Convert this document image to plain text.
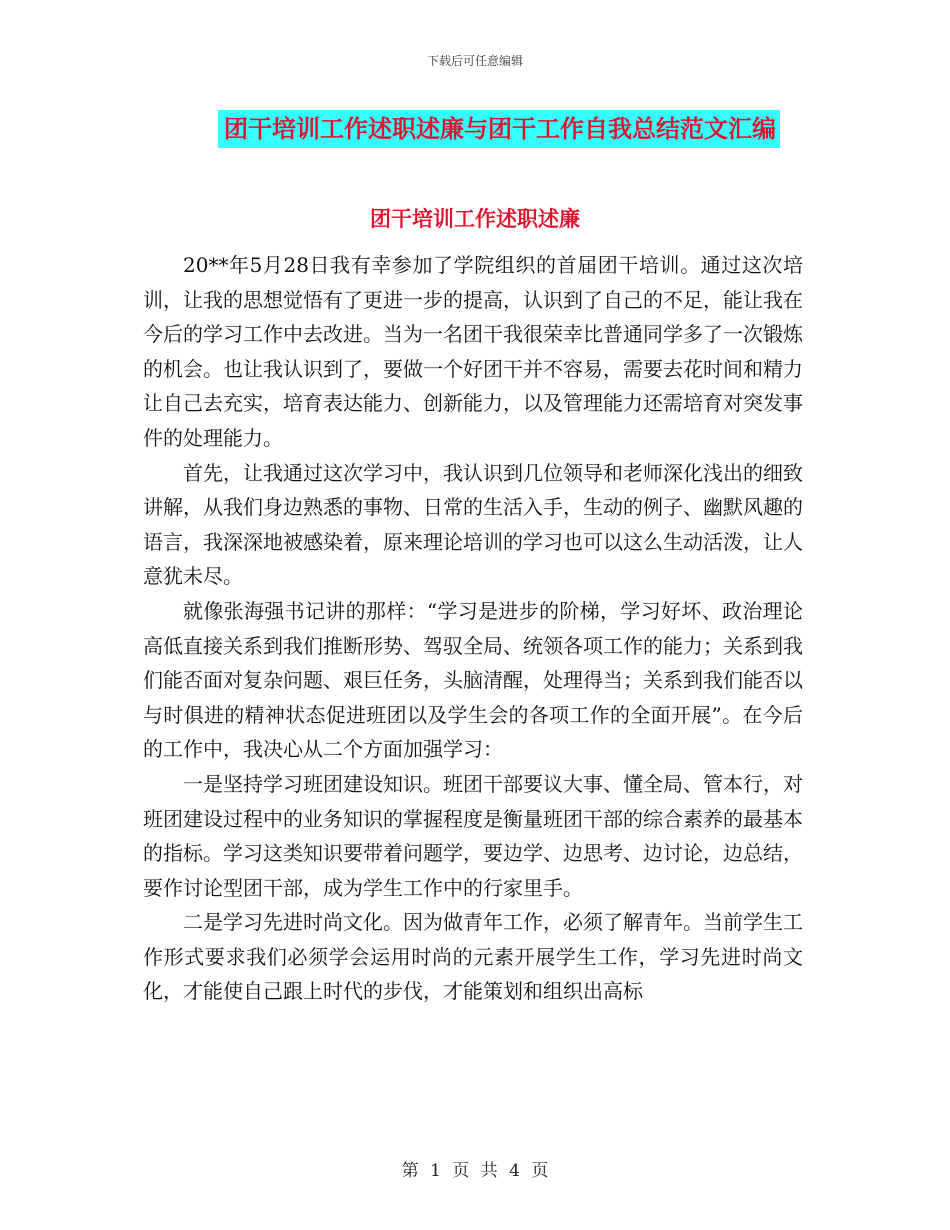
下载后可任意编辑
团干培训工作述职述廉与团干工作自我总结范文汇编
团干培训工作述职述廉

20**年5月28日我有幸参加了学院组织的首届团干培训。通过这次培训，让我的思想觉悟有了更进一步的提高，认识到了自己的不足，能让我在今后的学习工作中去改进。当为一名团干我很荣幸比普通同学多了一次锻炼的机会。也让我认识到了，要做一个好团干并不容易，需要去花时间和精力让自己去充实，培育表达能力、创新能力，以及管理能力还需培育对突发事件的处理能力。

首先，让我通过这次学习中，我认识到几位领导和老师深化浅出的细致讲解，从我们身边熟悉的事物、日常的生活入手，生动的例子、幽默风趣的语言，我深深地被感染着，原来理论培训的学习也可以这么生动活泼，让人意犹未尽。

就像张海强书记讲的那样：“学习是进步的阶梯，学习好坏、政治理论高低直接关系到我们推断形势、驾驭全局、统领各项工作的能力；关系到我们能否面对复杂问题、艰巨任务，头脑清醒，处理得当；关系到我们能否以与时俱进的精神状态促进班团以及学生会的各项工作的全面开展”。在今后的工作中，我决心从二个方面加强学习：

一是坚持学习班团建设知识。班团干部要议大事、懂全局、管本行，对班团建设过程中的业务知识的掌握程度是衡量班团干部的综合素养的最基本的指标。学习这类知识要带着问题学，要边学、边思考、边讨论，边总结，要作讨论型团干部，成为学生工作中的行家里手。

二是学习先进时尚文化。因为做青年工作，必须了解青年。当前学生工作形式要求我们必须学会运用时尚的元素开展学生工作，学习先进时尚文化，才能使自己跟上时代的步伐，才能策划和组织出高标

第 1 页 共 4 页
